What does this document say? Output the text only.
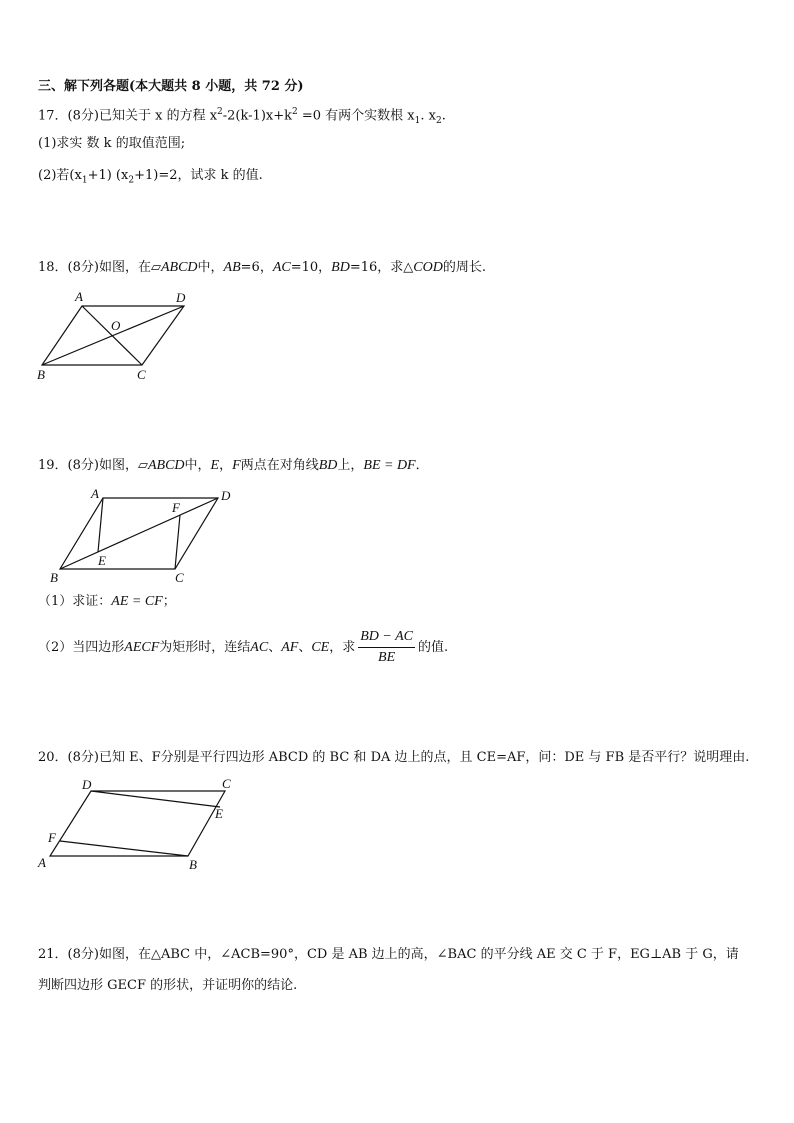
三、解下列各题(本大题共 8 小题，共 72 分)
17．(8分)已知关于 x 的方程 $x^2-2(k-1)x+k^2 =0$ 有两个实数根 $x_1$. $x_2$.
(1)求实 数 k 的取值范围;
(2)若$(x_1+1)$ $(x_2+1)=2$，试求 k 的值.
18．(8分)如图，在▱ABCD中，AB=6，AC=10，BD=16，求△COD的周长.
A	D
O
B	C
19．(8分)如图，▱ABCD中，E，F两点在对角线BD上，BE = DF．
A	D
F
E
B	C
（1）求证：AE = CF；
（2）当四边形AECF为矩形时，连结AC、AF、CE，求 $\frac{BD - AC}{BE}$ 的值.
20．(8分)已知 E、F分别是平行四边形 ABCD 的 BC 和 DA 边上的点，且 CE=AF，问：DE 与 FB 是否平行？说明理由.
D	C
E
F
A	B
21．(8分)如图，在△ABC 中，∠ACB=90°，CD 是 AB 边上的高，∠BAC 的平分线 AE 交 C 于 F，EG⊥AB 于 G，请
判断四边形 GECF 的形状，并证明你的结论.
